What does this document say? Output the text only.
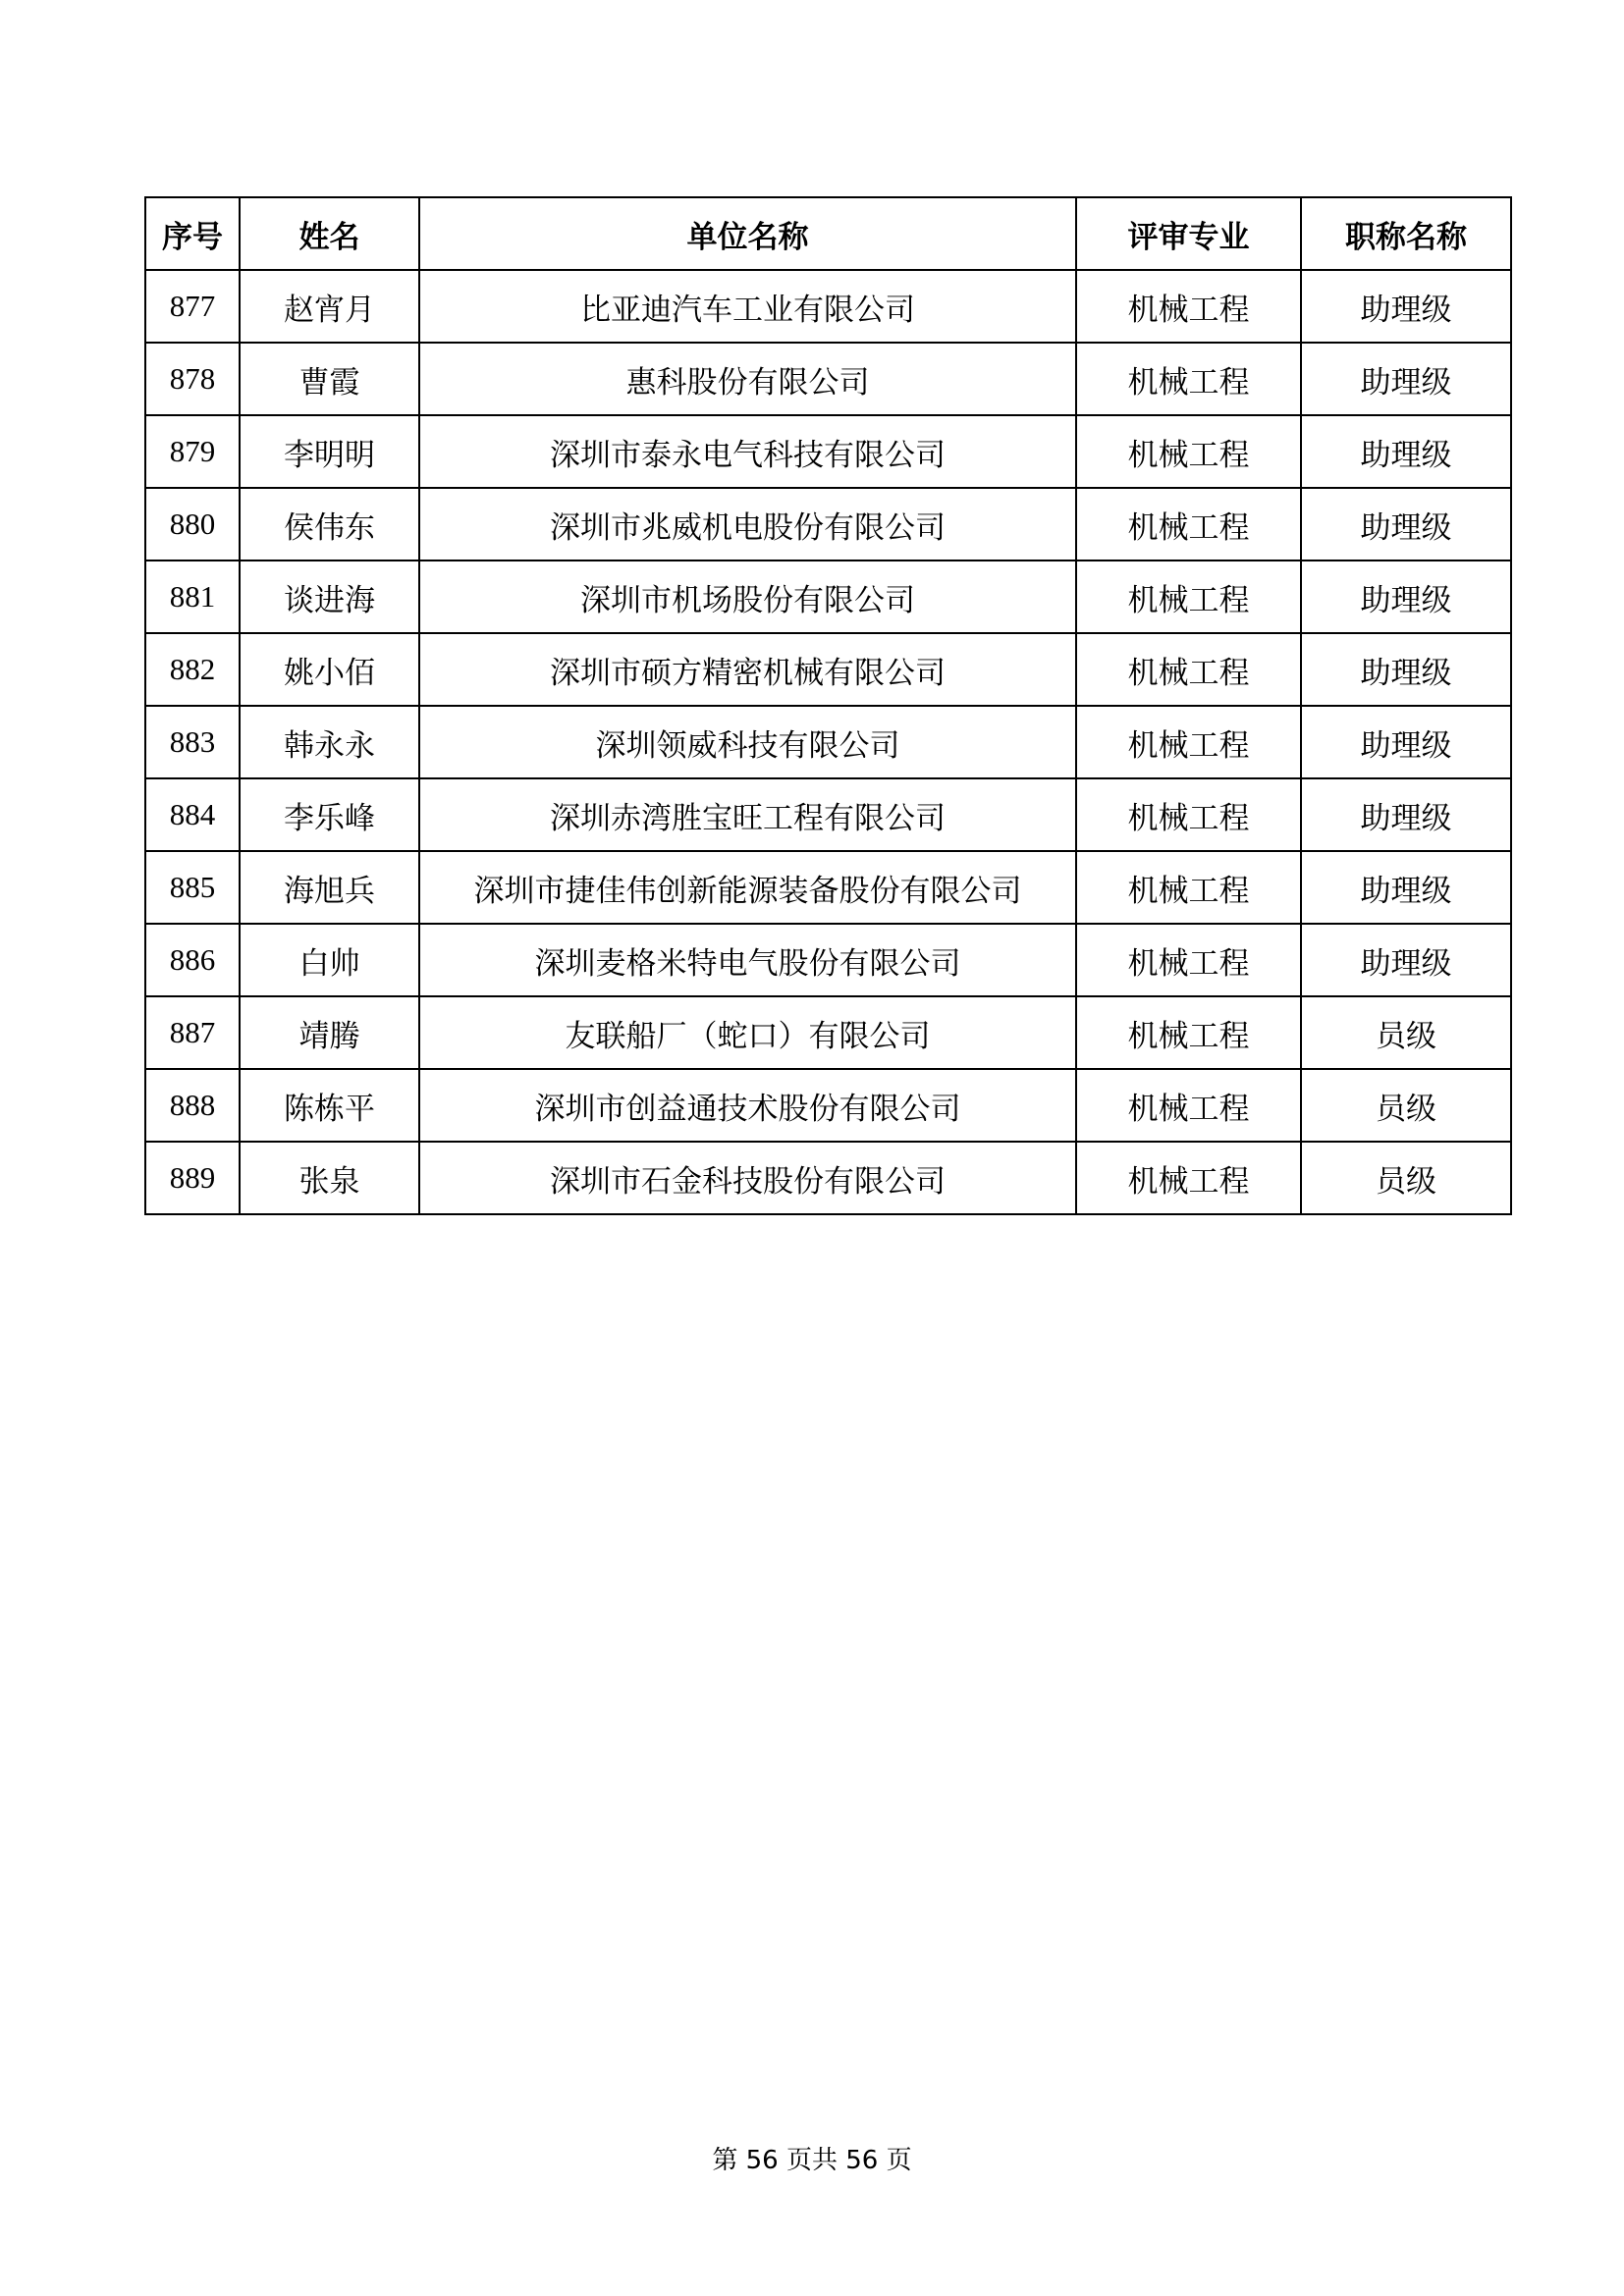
序号	姓名	单位名称	评审专业	职称名称
877	赵宵月	比亚迪汽车工业有限公司	机械工程	助理级
878	曹霞	惠科股份有限公司	机械工程	助理级
879	李明明	深圳市泰永电气科技有限公司	机械工程	助理级
880	侯伟东	深圳市兆威机电股份有限公司	机械工程	助理级
881	谈进海	深圳市机场股份有限公司	机械工程	助理级
882	姚小佰	深圳市硕方精密机械有限公司	机械工程	助理级
883	韩永永	深圳领威科技有限公司	机械工程	助理级
884	李乐峰	深圳赤湾胜宝旺工程有限公司	机械工程	助理级
885	海旭兵	深圳市捷佳伟创新能源装备股份有限公司	机械工程	助理级
886	白帅	深圳麦格米特电气股份有限公司	机械工程	助理级
887	靖腾	友联船厂（蛇口）有限公司	机械工程	员级
888	陈栋平	深圳市创益通技术股份有限公司	机械工程	员级
889	张泉	深圳市石金科技股份有限公司	机械工程	员级
第 56 页共 56 页
